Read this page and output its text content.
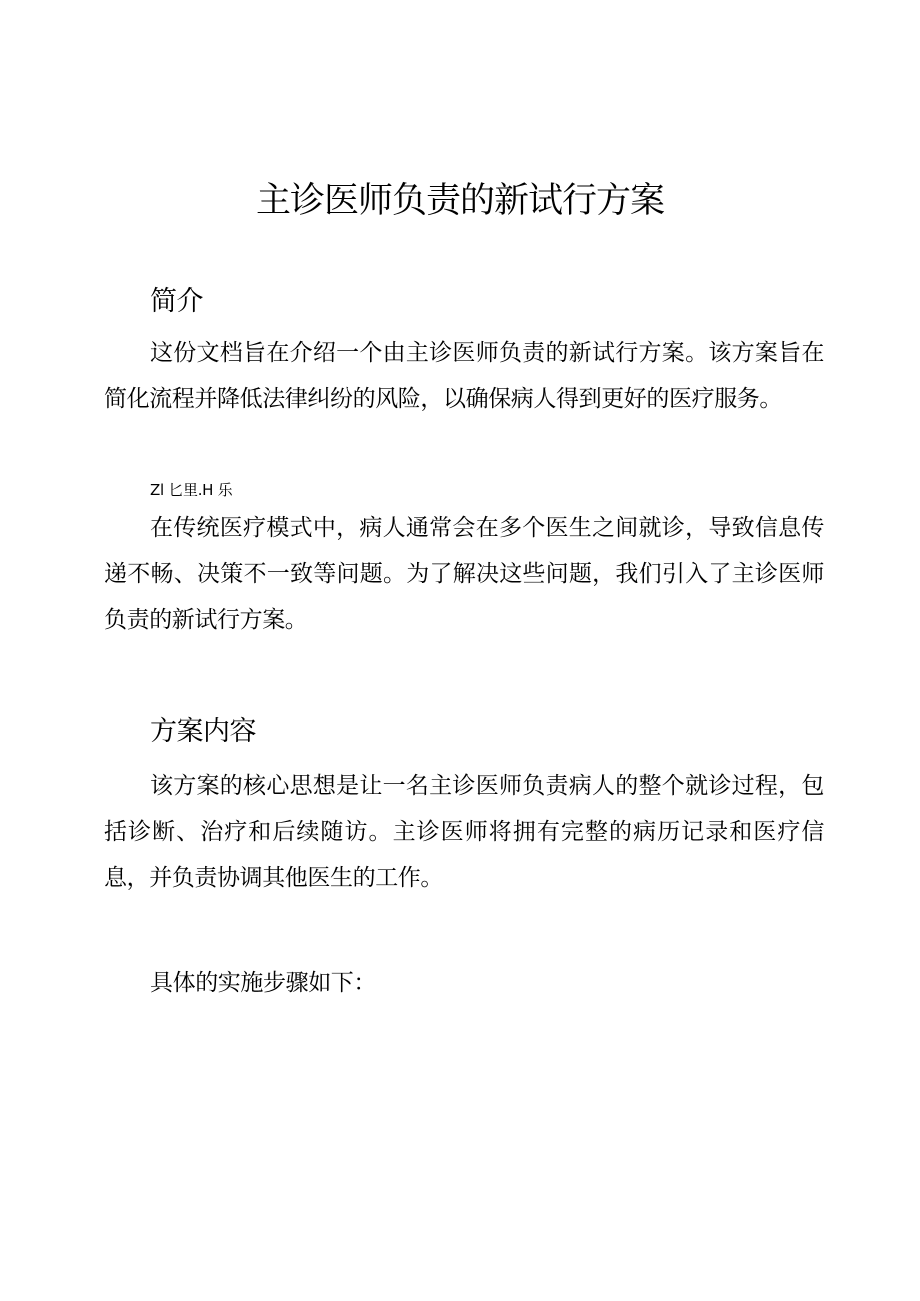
主诊医师负责的新试行方案
简介

这份文档旨在介绍一个由主诊医师负责的新试行方案。该方案旨在简化流程并降低法律纠纷的风险，以确保病人得到更好的医疗服务。

Zl 匕里.H 乐

在传统医疗模式中，病人通常会在多个医生之间就诊，导致信息传递不畅、决策不一致等问题。为了解决这些问题，我们引入了主诊医师负责的新试行方案。

方案内容

该方案的核心思想是让一名主诊医师负责病人的整个就诊过程，包括诊断、治疗和后续随访。主诊医师将拥有完整的病历记录和医疗信息，并负责协调其他医生的工作。

具体的实施步骤如下：
